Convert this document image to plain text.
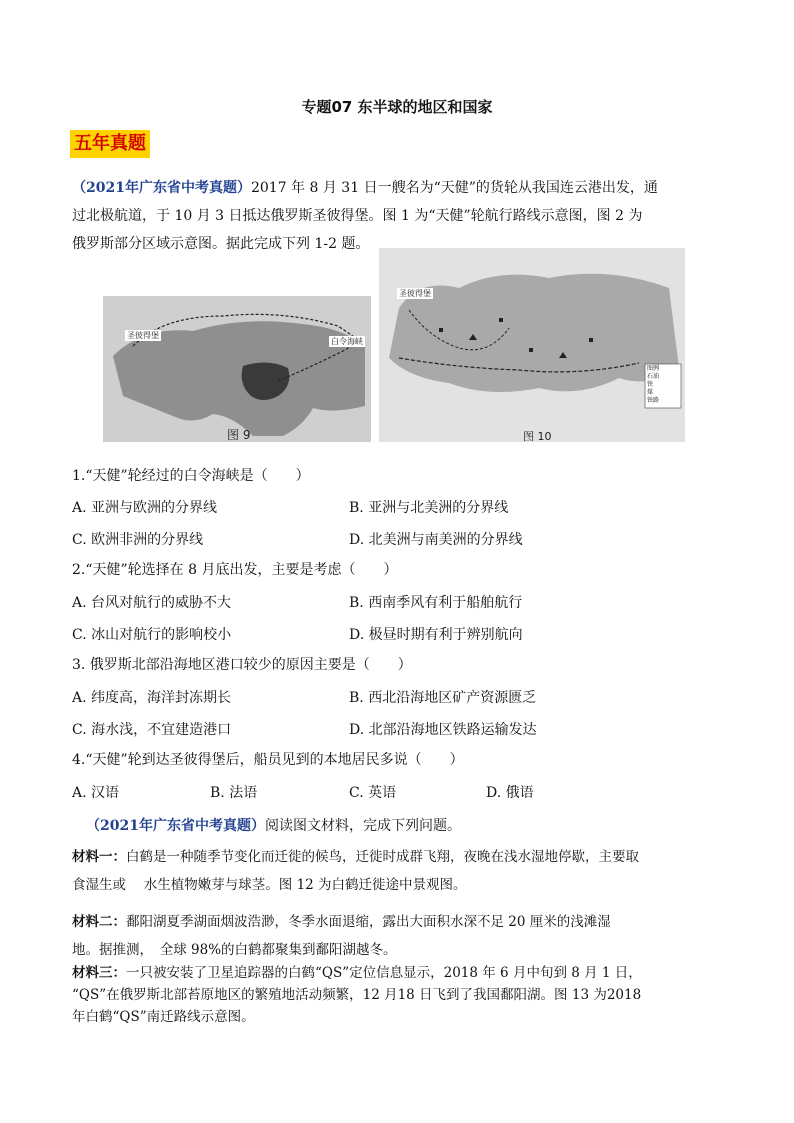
专题07 东半球的地区和国家
五年真题
（2021年广东省中考真题）2017 年 8 月 31 日一艘名为“天健”的货轮从我国连云港出发，通
过北极航道，于 10 月 3 日抵达俄罗斯圣彼得堡。图 1 为“天健”轮航行路线示意图，图 2 为
俄罗斯部分区域示意图。据此完成下列 1-2 题。
圣彼得堡
白令海峡
图 9
圣彼得堡
图例
石油
铁
煤
铁路
图 10
1.“天健”轮经过的白令海峡是（　　）
A. 亚洲与欧洲的分界线	B. 亚洲与北美洲的分界线
C. 欧洲非洲的分界线	D. 北美洲与南美洲的分界线
2.“天健”轮选择在 8 月底出发，主要是考虑（　　）
A. 台风对航行的威胁不大	B. 西南季风有利于船舶航行
C. 冰山对航行的影响校小	D. 极昼时期有利于辨别航向
3. 俄罗斯北部沿海地区港口较少的原因主要是（　　）
A. 纬度高，海洋封冻期长	B. 西北沿海地区矿产资源匮乏
C. 海水浅，不宜建造港口	D. 北部沿海地区铁路运输发达
4.“天健”轮到达圣彼得堡后，船员见到的本地居民多说（　　）
A. 汉语	B. 法语	C. 英语	D. 俄语
（2021年广东省中考真题）阅读图文材料，完成下列问题。
材料一：白鹤是一种随季节变化而迁徙的候鸟，迁徙时成群飞翔，夜晚在浅水湿地停歇，主要取
食湿生或　 水生植物嫩芽与球茎。图 12 为白鹤迁徙途中景观图。
材料二：鄱阳湖夏季湖面烟波浩渺，冬季水面退缩，露出大面积水深不足 20 厘米的浅滩湿
地。据推测，　全球 98%的白鹤都聚集到鄱阳湖越冬。
材料三：一只被安装了卫星追踪器的白鹤“QS”定位信息显示，2018 年 6 月中旬到 8 月 1 日，
“QS”在俄罗斯北部苔原地区的繁殖地活动频繁，12 月18 日飞到了我国鄱阳湖。图 13 为2018
年白鹤“QS”南迁路线示意图。
